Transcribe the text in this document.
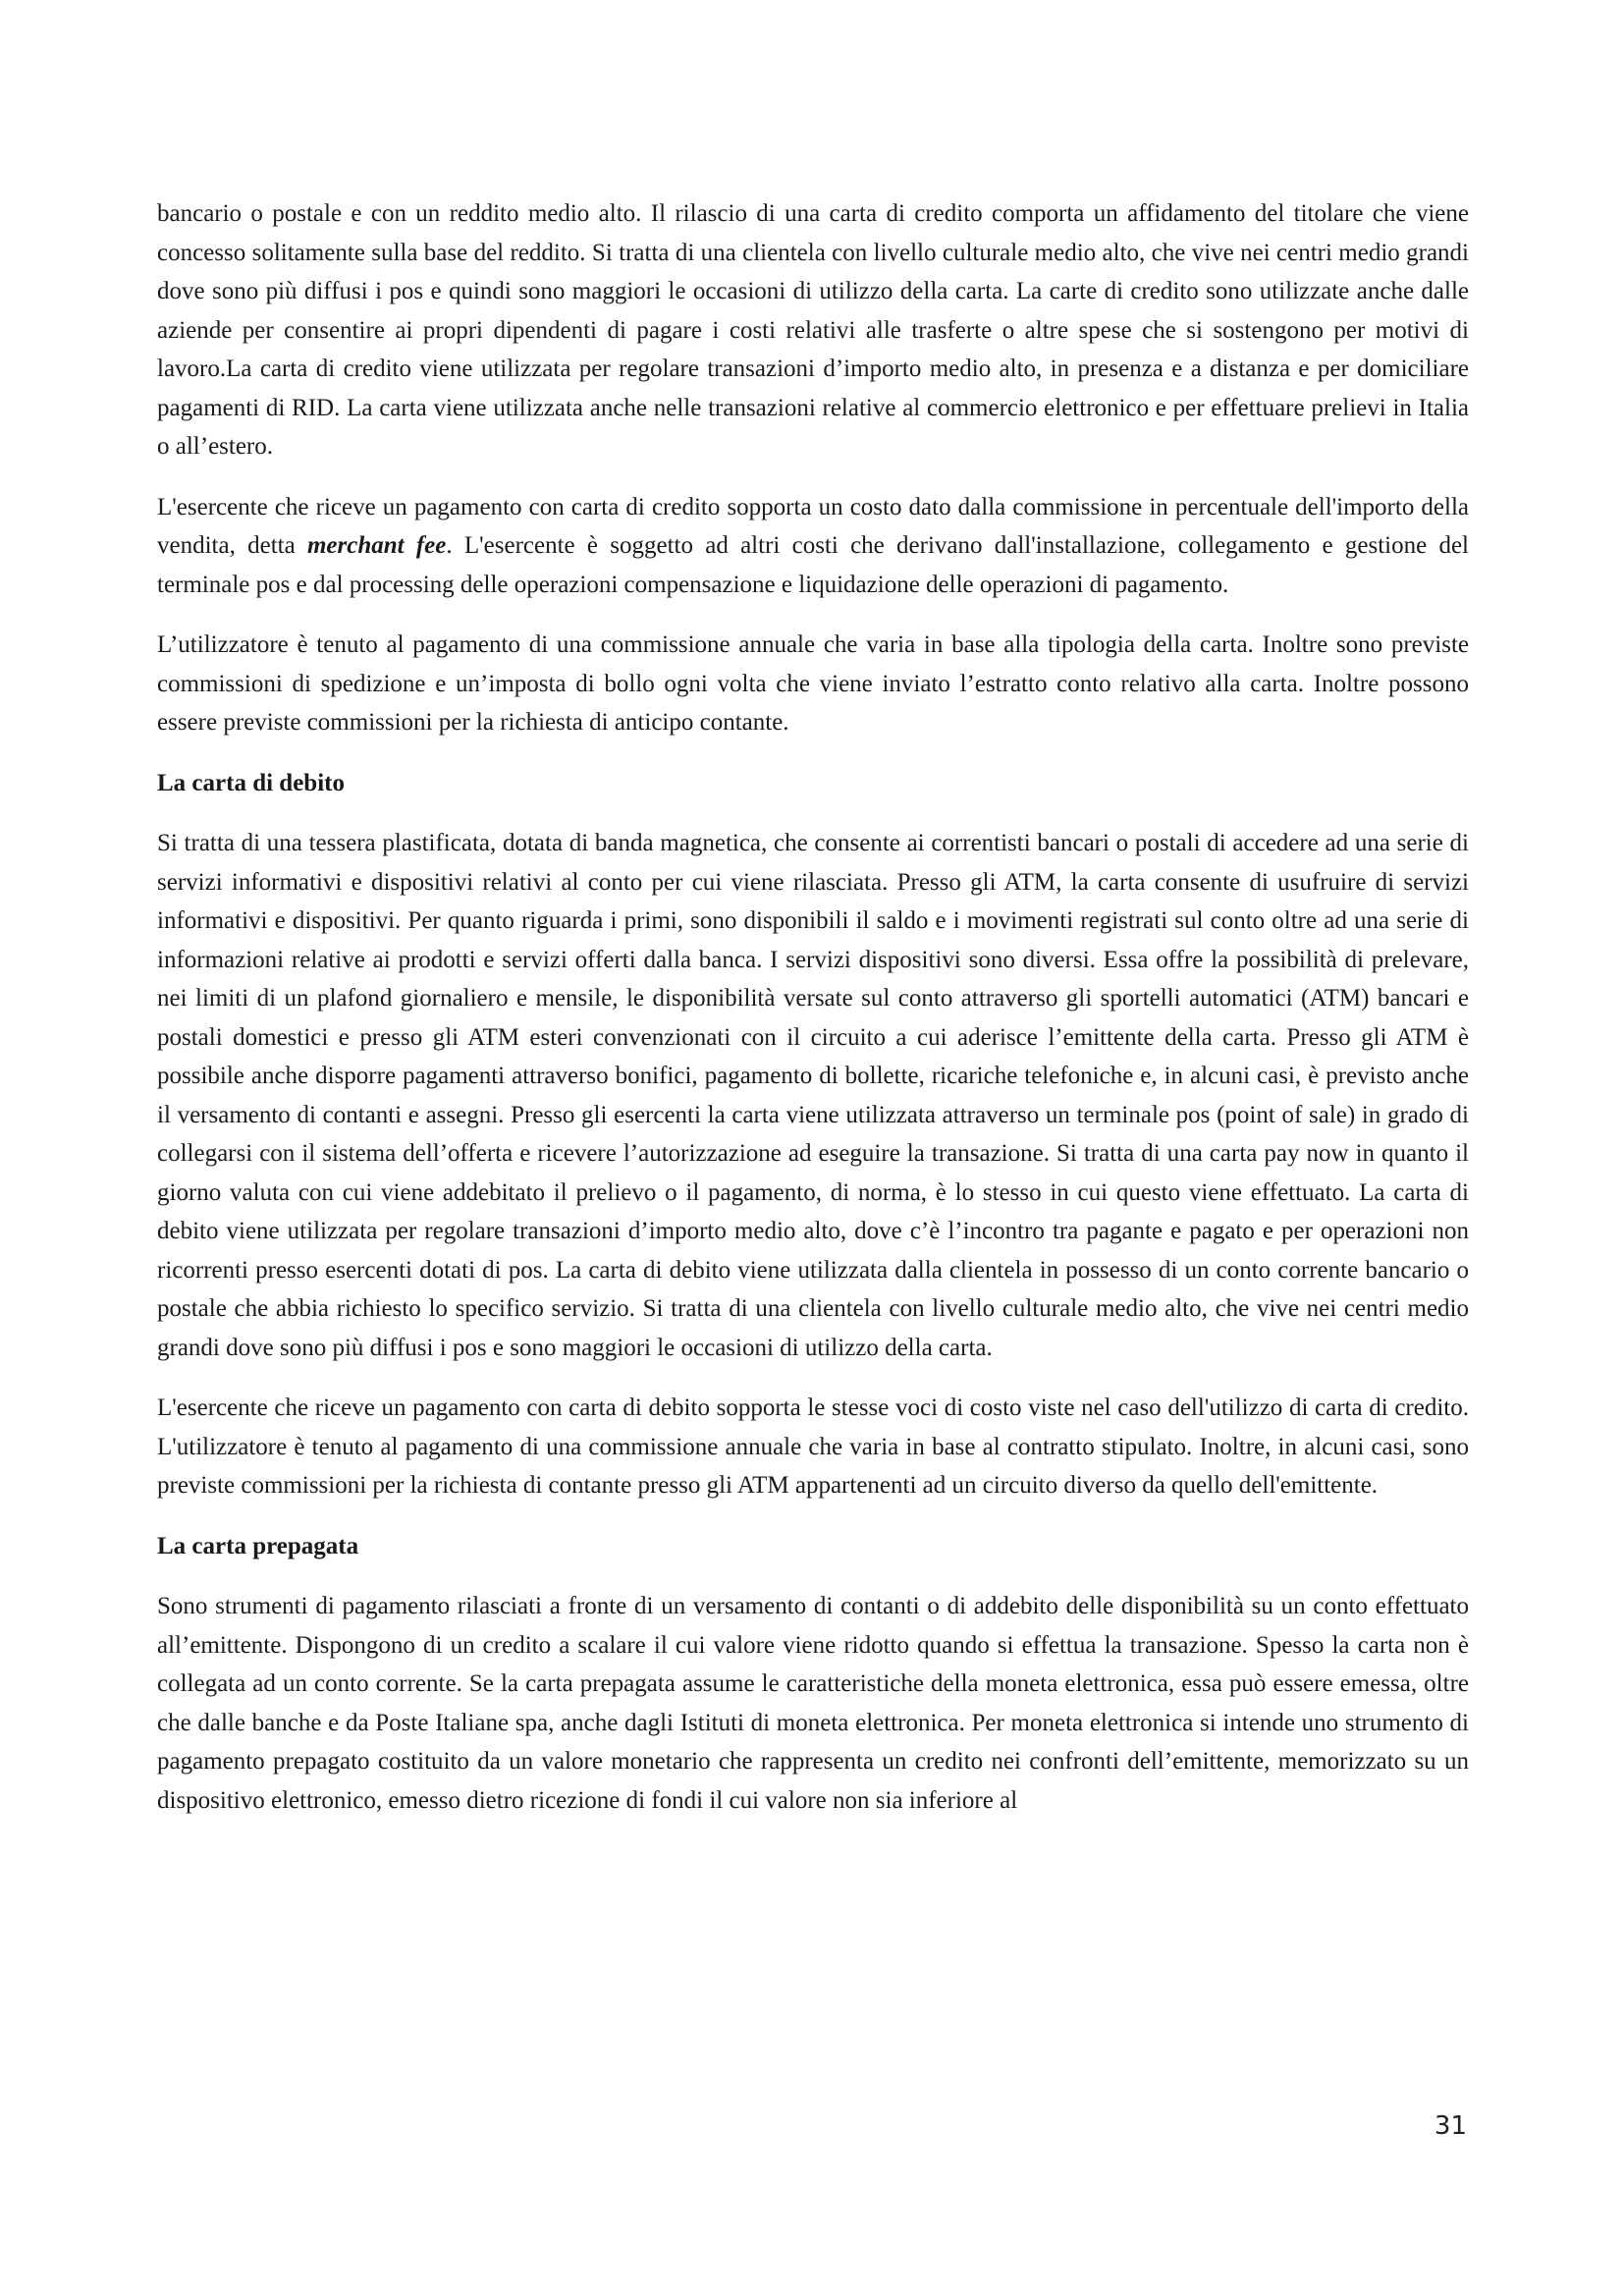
bancario o postale e con un reddito medio alto. Il rilascio di una carta di credito comporta un affidamento del titolare che viene concesso solitamente sulla base del reddito. Si tratta di una clientela con livello culturale medio alto, che vive nei centri medio grandi dove sono più diffusi i pos e quindi sono maggiori le occasioni di utilizzo della carta. La carte di credito sono utilizzate anche dalle aziende per consentire ai propri dipendenti di pagare i costi relativi alle trasferte o altre spese che si sostengono per motivi di lavoro.La carta di credito viene utilizzata per regolare transazioni d’importo medio alto, in presenza e a distanza e per domiciliare pagamenti di RID. La carta viene utilizzata anche nelle transazioni relative al commercio elettronico e per effettuare prelievi in Italia o all’estero.

L'esercente che riceve un pagamento con carta di credito sopporta un costo dato dalla commissione in percentuale dell'importo della vendita, detta merchant fee. L'esercente è soggetto ad altri costi che derivano dall'installazione, collegamento e gestione del terminale pos e dal processing delle operazioni compensazione e liquidazione delle operazioni di pagamento.

L’utilizzatore è tenuto al pagamento di una commissione annuale che varia in base alla tipologia della carta. Inoltre sono previste commissioni di spedizione e un’imposta di bollo ogni volta che viene inviato l’estratto conto relativo alla carta. Inoltre possono essere previste commissioni per la richiesta di anticipo contante.

La carta di debito

Si tratta di una tessera plastificata, dotata di banda magnetica, che consente ai correntisti bancari o postali di accedere ad una serie di servizi informativi e dispositivi relativi al conto per cui viene rilasciata. Presso gli ATM, la carta consente di usufruire di servizi informativi e dispositivi. Per quanto riguarda i primi, sono disponibili il saldo e i movimenti registrati sul conto oltre ad una serie di informazioni relative ai prodotti e servizi offerti dalla banca. I servizi dispositivi sono diversi. Essa offre la possibilità di prelevare, nei limiti di un plafond giornaliero e mensile, le disponibilità versate sul conto attraverso gli sportelli automatici (ATM) bancari e postali domestici e presso gli ATM esteri convenzionati con il circuito a cui aderisce l’emittente della carta. Presso gli ATM è possibile anche disporre pagamenti attraverso bonifici, pagamento di bollette, ricariche telefoniche e, in alcuni casi, è previsto anche il versamento di contanti e assegni. Presso gli esercenti la carta viene utilizzata attraverso un terminale pos (point of sale) in grado di collegarsi con il sistema dell’offerta e ricevere l’autorizzazione ad eseguire la transazione. Si tratta di una carta pay now in quanto il giorno valuta con cui viene addebitato il prelievo o il pagamento, di norma, è lo stesso in cui questo viene effettuato. La carta di debito viene utilizzata per regolare transazioni d’importo medio alto, dove c’è l’incontro tra pagante e pagato e per operazioni non ricorrenti presso esercenti dotati di pos. La carta di debito viene utilizzata dalla clientela in possesso di un conto corrente bancario o postale che abbia richiesto lo specifico servizio. Si tratta di una clientela con livello culturale medio alto, che vive nei centri medio grandi dove sono più diffusi i pos e sono maggiori le occasioni di utilizzo della carta.

L'esercente che riceve un pagamento con carta di debito sopporta le stesse voci di costo viste nel caso dell'utilizzo di carta di credito. L'utilizzatore è tenuto al pagamento di una commissione annuale che varia in base al contratto stipulato. Inoltre, in alcuni casi, sono previste commissioni per la richiesta di contante presso gli ATM appartenenti ad un circuito diverso da quello dell'emittente.

La carta prepagata

Sono strumenti di pagamento rilasciati a fronte di un versamento di contanti o di addebito delle disponibilità su un conto effettuato all’emittente. Dispongono di un credito a scalare il cui valore viene ridotto quando si effettua la transazione. Spesso la carta non è collegata ad un conto corrente. Se la carta prepagata assume le caratteristiche della moneta elettronica, essa può essere emessa, oltre che dalle banche e da Poste Italiane spa, anche dagli Istituti di moneta elettronica. Per moneta elettronica si intende uno strumento di pagamento prepagato costituito da un valore monetario che rappresenta un credito nei confronti dell’emittente, memorizzato su un dispositivo elettronico, emesso dietro ricezione di fondi il cui valore non sia inferiore al

31
